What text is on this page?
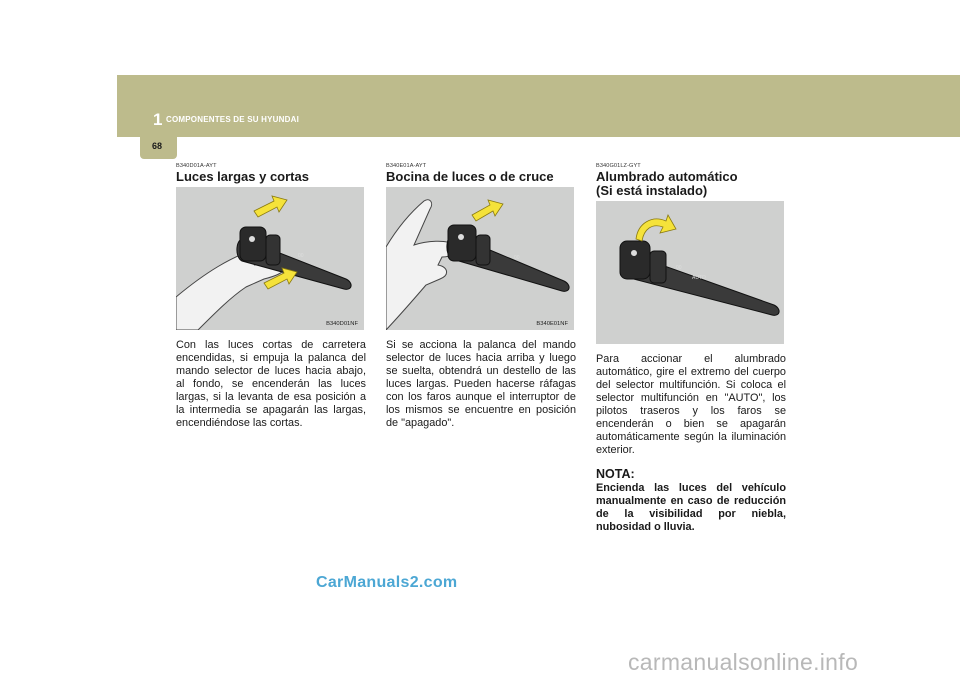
1 COMPONENTES DE SU HYUNDAI
68

B340D01A-AYT

Luces largas y cortas
00
B340D01NF

Con las luces cortas de carretera encendidas, si empuja la palanca del mando selector de luces hacia abajo, al fondo, se encenderán las luces largas, si la levanta de esa posición a la intermedia se apagarán las largas, encendiéndose las cortas.

B340E01A-AYT

Bocina de luces o de cruce
00
B340E01NF

Si se acciona la palanca del mando selector de luces hacia arriba y luego se suelta, obtendrá un destello de las luces largas. Pueden hacerse ráfagas con los faros aunque el interruptor de los mismos se encuentre en posición de "apagado".

B340G01LZ-GYT

Alumbrado automático
(Si está instalado)
00
AUTO

Para accionar el alumbrado automático, gire el extremo del cuerpo del selector multifunción. Si coloca el selector multifunción en "AUTO", los pilotos traseros y los faros se encenderán o bien se apagarán automáticamente según la iluminación exterior.

NOTA:

Encienda las luces del vehículo manualmente en caso de reducción de la visibilidad por niebla, nubosidad o lluvia.

CarManuals2.com
carmanualsonline.info
